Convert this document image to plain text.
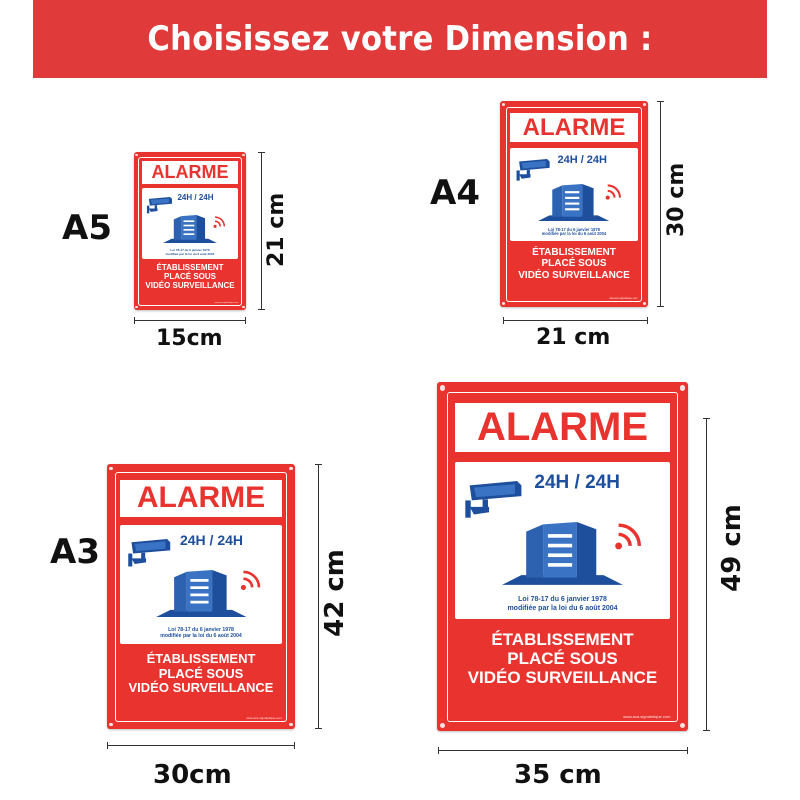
Choisissez votre Dimension :
A5
ALARME
24H / 24H
Loi 78-17 du 6 janvier 1978
modifiée par la loi du 6 août 2004
ÉTABLISSEMENT
PLACÉ SOUS
VIDÉO SURVEILLANCE
www.aca-signaletique.com
15cm
21 cm	A4
ALARME
24H / 24H
Loi 78-17 du 6 janvier 1978
modifiée par la loi du 6 août 2004
ÉTABLISSEMENT
PLACÉ SOUS
VIDÉO SURVEILLANCE
www.aca-signaletique.com
21 cm
30 cm
A3
ALARME
24H / 24H
Loi 78-17 du 6 janvier 1978
modifiée par la loi du 6 août 2004
ÉTABLISSEMENT
PLACÉ SOUS
VIDÉO SURVEILLANCE
www.aca-signaletique.com
30cm
42 cm
ALARME
24H / 24H
Loi 78-17 du 6 janvier 1978
modifiée par la loi du 6 août 2004
ÉTABLISSEMENT
PLACÉ SOUS
VIDÉO SURVEILLANCE
www.aca-signaletique.com
35 cm
49 cm
